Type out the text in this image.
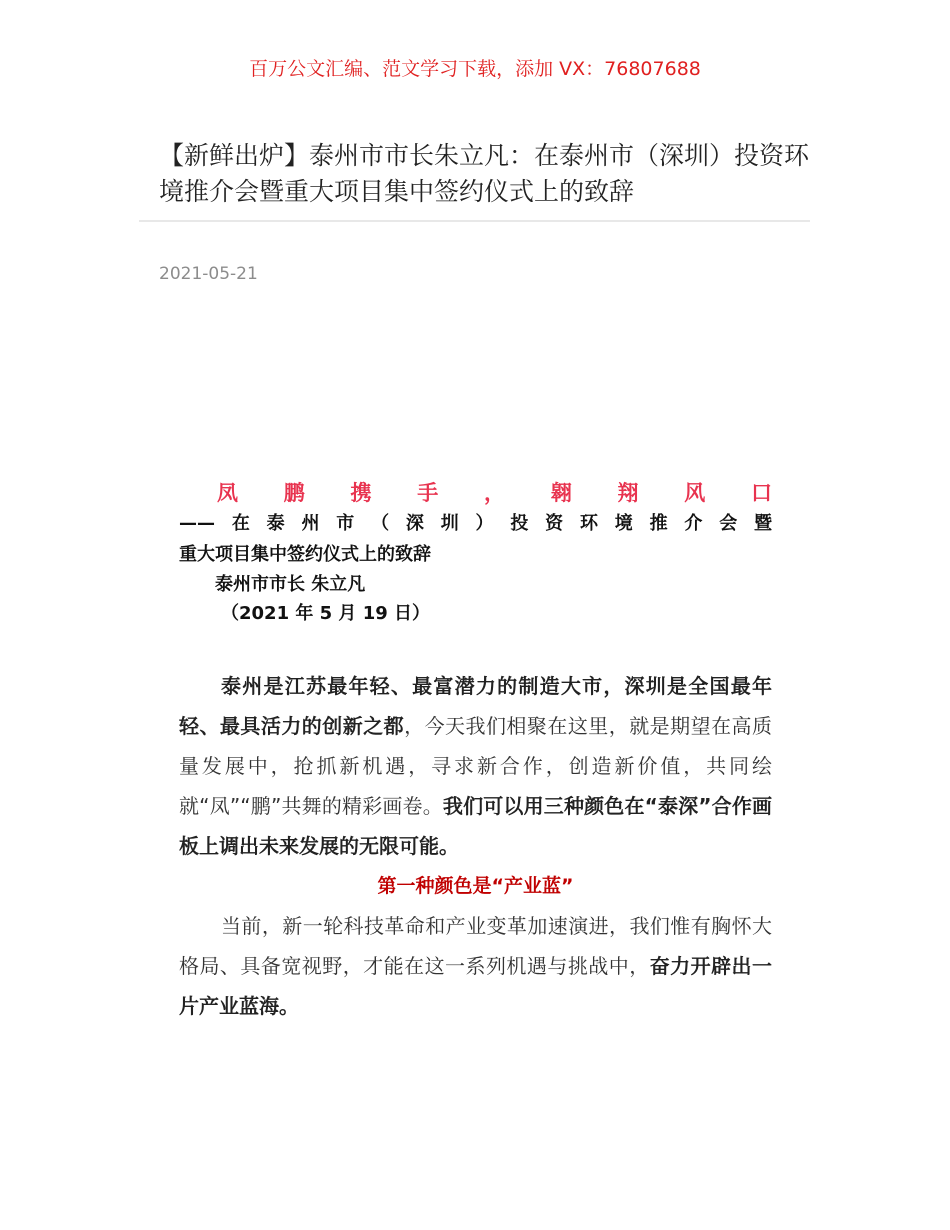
百万公文汇编、范文学习下载，添加 VX：76807688
【新鲜出炉】泰州市市长朱立凡：在泰州市（深圳）投资环境推介会暨重大项目集中签约仪式上的致辞
2021-05-21
凤 鹏 携 手 ， 翱 翔 风 口
—— 在 泰 州 市 （ 深 圳 ） 投 资 环 境 推 介 会 暨
重大项目集中签约仪式上的致辞
泰州市市长 朱立凡
（2021 年 5 月 19 日）

泰州是江苏最年轻、最富潜力的制造大市，深圳是全国最年轻、最具活力的创新之都，今天我们相聚在这里，就是期望在高质量发展中，抢抓新机遇，寻求新合作，创造新价值，共同绘就“凤”“鹏”共舞的精彩画卷。我们可以用三种颜色在“泰深”合作画板上调出未来发展的无限可能。

第一种颜色是“产业蓝”

当前，新一轮科技革命和产业变革加速演进，我们惟有胸怀大格局、具备宽视野，才能在这一系列机遇与挑战中，奋力开辟出一片产业蓝海。
